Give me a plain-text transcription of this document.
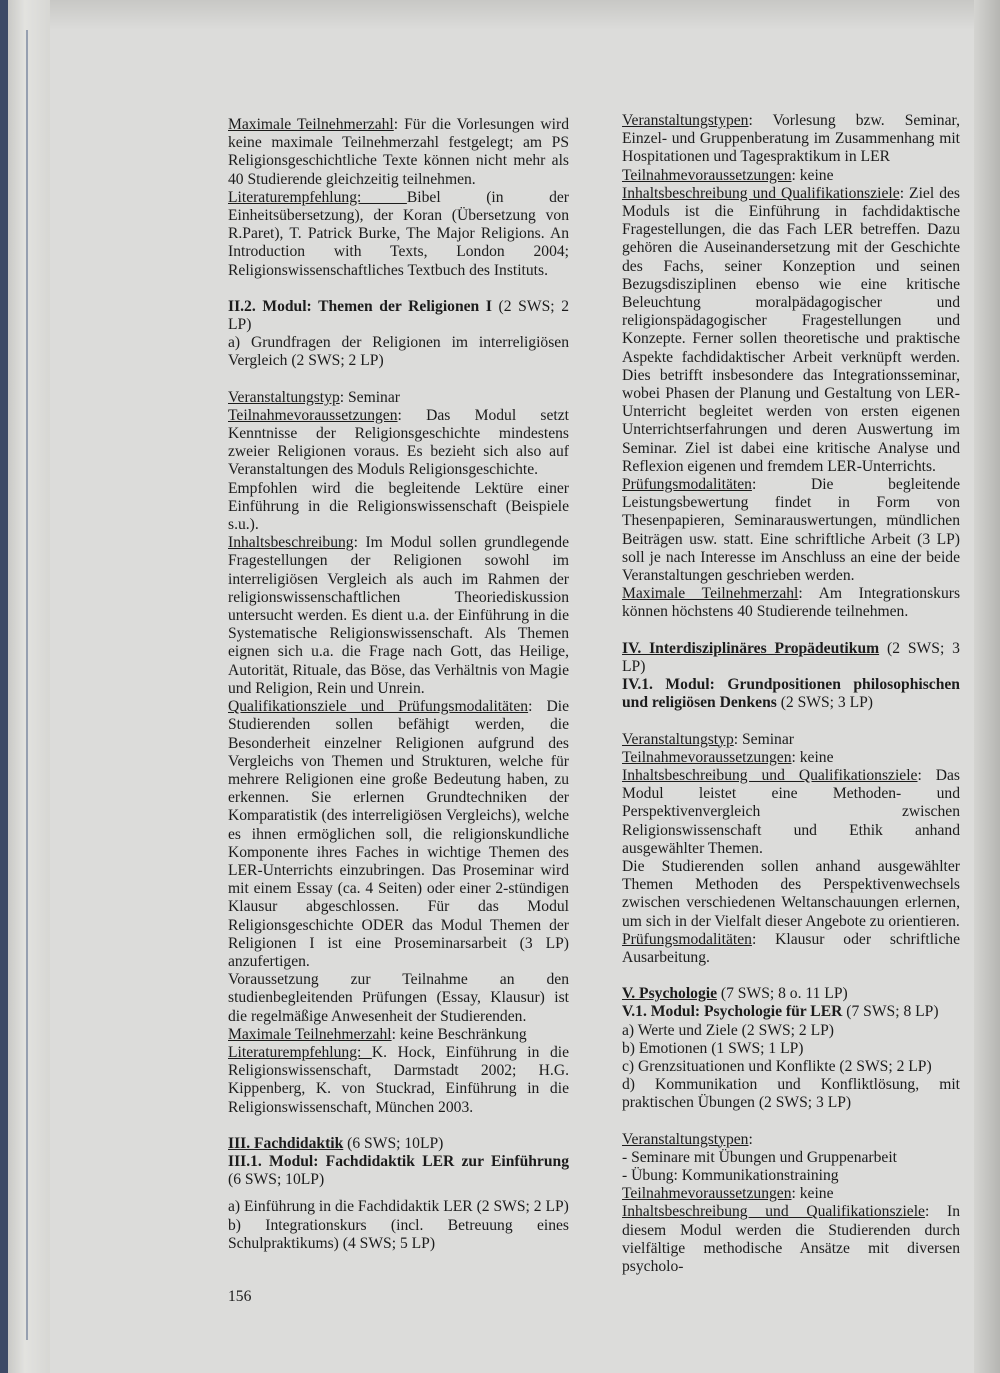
Maximale Teilnehmerzahl: Für die Vorlesungen wird keine maximale Teilnehmerzahl festgelegt; am PS Religionsgeschichtliche Texte können nicht mehr als 40 Studierende gleichzeitig teilnehmen.

Literaturempfehlung: Bibel (in der Einheitsübersetzung), der Koran (Übersetzung von R.Paret), T. Patrick Burke, The Major Religions. An Introduction with Texts, London 2004; Religionswissenschaftliches Textbuch des Instituts.

II.2. Modul: Themen der Religionen I (2 SWS; 2 LP)

a) Grundfragen der Religionen im interreligiösen Vergleich (2 SWS; 2 LP)

Veranstaltungstyp: Seminar

Teilnahmevoraussetzungen: Das Modul setzt Kenntnisse der Religionsgeschichte mindestens zweier Religionen voraus. Es bezieht sich also auf Veranstaltungen des Moduls Religionsgeschichte.

Empfohlen wird die begleitende Lektüre einer Einführung in die Religionswissenschaft (Beispiele s.u.).

Inhaltsbeschreibung: Im Modul sollen grundlegende Fragestellungen der Religionen sowohl im interreligiösen Vergleich als auch im Rahmen der religionswissenschaftlichen Theoriediskussion untersucht werden. Es dient u.a. der Einführung in die Systematische Religionswissenschaft. Als Themen eignen sich u.a. die Frage nach Gott, das Heilige, Autorität, Rituale, das Böse, das Verhältnis von Magie und Religion, Rein und Unrein.

Qualifikationsziele und Prüfungsmodalitäten: Die Studierenden sollen befähigt werden, die Besonderheit einzelner Religionen aufgrund des Vergleichs von Themen und Strukturen, welche für mehrere Religionen eine große Bedeutung haben, zu erkennen. Sie erlernen Grundtechniken der Komparatistik (des interreligiösen Vergleichs), welche es ihnen ermöglichen soll, die religionskundliche Komponente ihres Faches in wichtige Themen des LER-Unterrichts einzubringen. Das Proseminar wird mit einem Essay (ca. 4 Seiten) oder einer 2-stündigen Klausur abgeschlossen. Für das Modul Religionsgeschichte ODER das Modul Themen der Religionen I ist eine Proseminarsarbeit (3 LP) anzufertigen.

Voraussetzung zur Teilnahme an den studienbegleitenden Prüfungen (Essay, Klausur) ist die regelmäßige Anwesenheit der Studierenden.

Maximale Teilnehmerzahl: keine Beschränkung

Literaturempfehlung: K. Hock, Einführung in die Religionswissenschaft, Darmstadt 2002; H.G. Kippenberg, K. von Stuckrad, Einführung in die Religionswissenschaft, München 2003.

III. Fachdidaktik (6 SWS; 10LP)

III.1. Modul: Fachdidaktik LER zur Einführung (6 SWS; 10LP)

a) Einführung in die Fachdidaktik LER (2 SWS; 2 LP)

b) Integrationskurs (incl. Betreuung eines Schulpraktikums) (4 SWS; 5 LP)

Veranstaltungstypen: Vorlesung bzw. Seminar, Einzel- und Gruppenberatung im Zusammenhang mit Hospitationen und Tagespraktikum in LER

Teilnahmevoraussetzungen: keine

Inhaltsbeschreibung und Qualifikationsziele: Ziel des Moduls ist die Einführung in fachdidaktische Fragestellungen, die das Fach LER betreffen. Dazu gehören die Auseinandersetzung mit der Geschichte des Fachs, seiner Konzeption und seinen Bezugsdisziplinen ebenso wie eine kritische Beleuchtung moralpädagogischer und religionspädagogischer Fragestellungen und Konzepte. Ferner sollen theoretische und praktische Aspekte fachdidaktischer Arbeit verknüpft werden. Dies betrifft insbesondere das Integrationsseminar, wobei Phasen der Planung und Gestaltung von LER-Unterricht begleitet werden von ersten eigenen Unterrichtserfahrungen und deren Auswertung im Seminar. Ziel ist dabei eine kritische Analyse und Reflexion eigenen und fremdem LER-Unterrichts.

Prüfungsmodalitäten: Die begleitende Leistungsbewertung findet in Form von Thesenpapieren, Seminarauswertungen, mündlichen Beiträgen usw. statt. Eine schriftliche Arbeit (3 LP) soll je nach Interesse im Anschluss an eine der beide Veranstaltungen geschrieben werden.

Maximale Teilnehmerzahl: Am Integrationskurs können höchstens 40 Studierende teilnehmen.

IV. Interdisziplinäres Propädeutikum (2 SWS; 3 LP)

IV.1. Modul: Grundpositionen philosophischen und religiösen Denkens (2 SWS; 3 LP)

Veranstaltungstyp: Seminar

Teilnahmevoraussetzungen: keine

Inhaltsbeschreibung und Qualifikationsziele: Das Modul leistet eine Methoden- und Perspektivenvergleich zwischen Religionswissenschaft und Ethik anhand ausgewählter Themen.

Die Studierenden sollen anhand ausgewählter Themen Methoden des Perspektivenwechsels zwischen verschiedenen Weltanschauungen erlernen, um sich in der Vielfalt dieser Angebote zu orientieren.

Prüfungsmodalitäten: Klausur oder schriftliche Ausarbeitung.

V. Psychologie (7 SWS; 8 o. 11 LP)

V.1. Modul: Psychologie für LER (7 SWS; 8 LP)

a) Werte und Ziele (2 SWS; 2 LP)

b) Emotionen (1 SWS; 1 LP)

c) Grenzsituationen und Konflikte (2 SWS; 2 LP)

d) Kommunikation und Konfliktlösung, mit praktischen Übungen (2 SWS; 3 LP)

Veranstaltungstypen:

- Seminare mit Übungen und Gruppenarbeit

- Übung: Kommunikationstraining

Teilnahmevoraussetzungen: keine

Inhaltsbeschreibung und Qualifikationsziele: In diesem Modul werden die Studierenden durch vielfältige methodische Ansätze mit diversen psycholo-

156
